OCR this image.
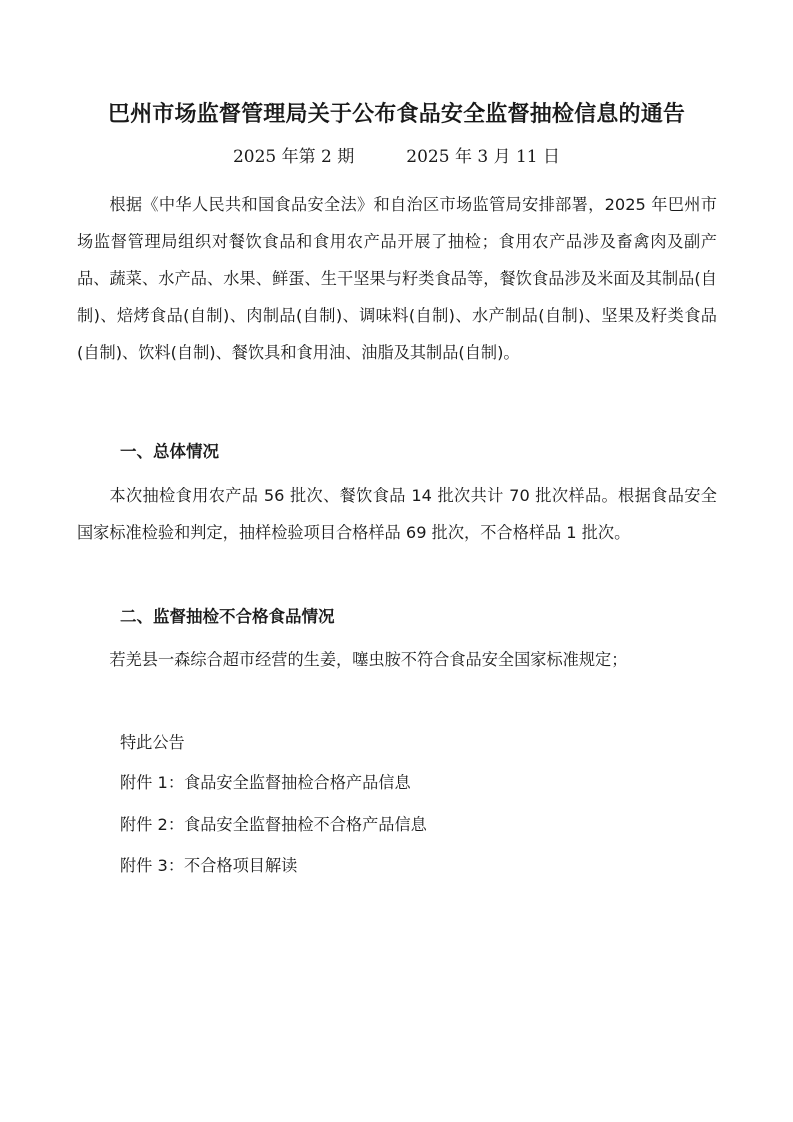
巴州市场监督管理局关于公布食品安全监督抽检信息的通告
2025 年第 2 期	2025 年 3 月 11 日

根据《中华人民共和国食品安全法》和自治区市场监管局安排部署，2025 年巴州市场监督管理局组织对餐饮食品和食用农产品开展了抽检；食用农产品涉及畜禽肉及副产品、蔬菜、水产品、水果、鲜蛋、生干坚果与籽类食品等，餐饮食品涉及米面及其制品(自制)、焙烤食品(自制)、肉制品(自制)、调味料(自制)、水产制品(自制)、坚果及籽类食品(自制)、饮料(自制)、餐饮具和食用油、油脂及其制品(自制)。

一、总体情况

本次抽检食用农产品 56 批次、餐饮食品 14 批次共计 70 批次样品。根据食品安全国家标准检验和判定，抽样检验项目合格样品 69 批次，不合格样品 1 批次。

二、监督抽检不合格食品情况

若羌县一森综合超市经营的生姜，噻虫胺不符合食品安全国家标准规定；

特此公告
附件 1：食品安全监督抽检合格产品信息
附件 2：食品安全监督抽检不合格产品信息
附件 3：不合格项目解读
